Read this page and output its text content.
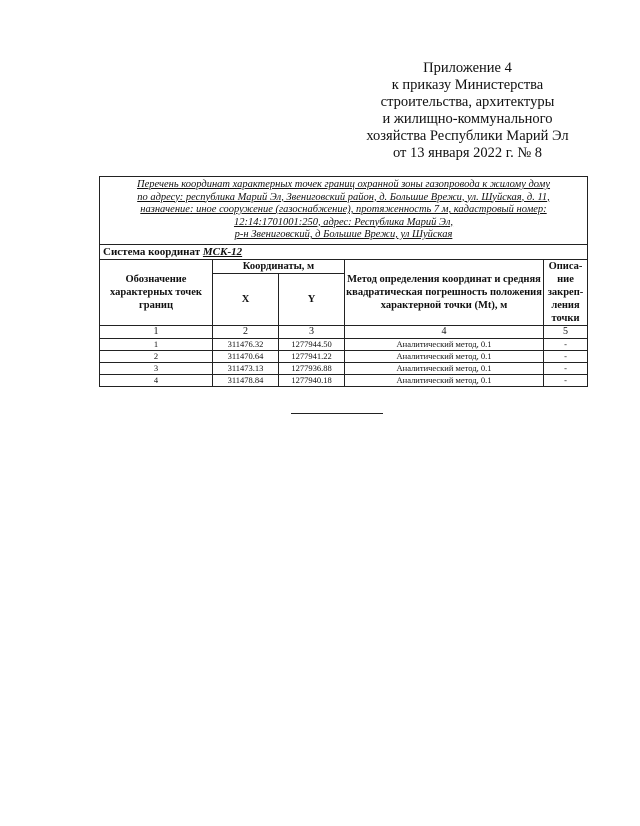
Приложение 4
к приказу Министерства
строительства, архитектуры
и жилищно-коммунального
хозяйства Республики Марий Эл
от 13 января 2022 г. № 8
Перечень координат характерных точек границ охранной зоны газопровода к жилому дому
по адресу: республика Марий Эл, Звениговский район, д. Большие Врежи, ул. Шуйская, д. 11,
назначение: иное сооружение (газоснабжение), протяженность 7 м, кадастровый номер:
12:14:1701001:250, адрес: Республика Марий Эл,
р-н Звениговский, д Большие Врежи, ул Шуйская				

Система координат МСК-12				
Обозначение характерных точек границ	Координаты, м		Метод определения координат и средняя квадратическая погрешность положения характерной точки (Mt), м	Описа-ние закреп-ления точки
	X	Y		
1	2	3	4	5
1	311476.32	1277944.50	Аналитический метод, 0.1	-
2	311470.64	1277941.22	Аналитический метод, 0.1	-
3	311473.13	1277936.88	Аналитический метод, 0.1	-
4	311478.84	1277940.18	Аналитический метод, 0.1	-
